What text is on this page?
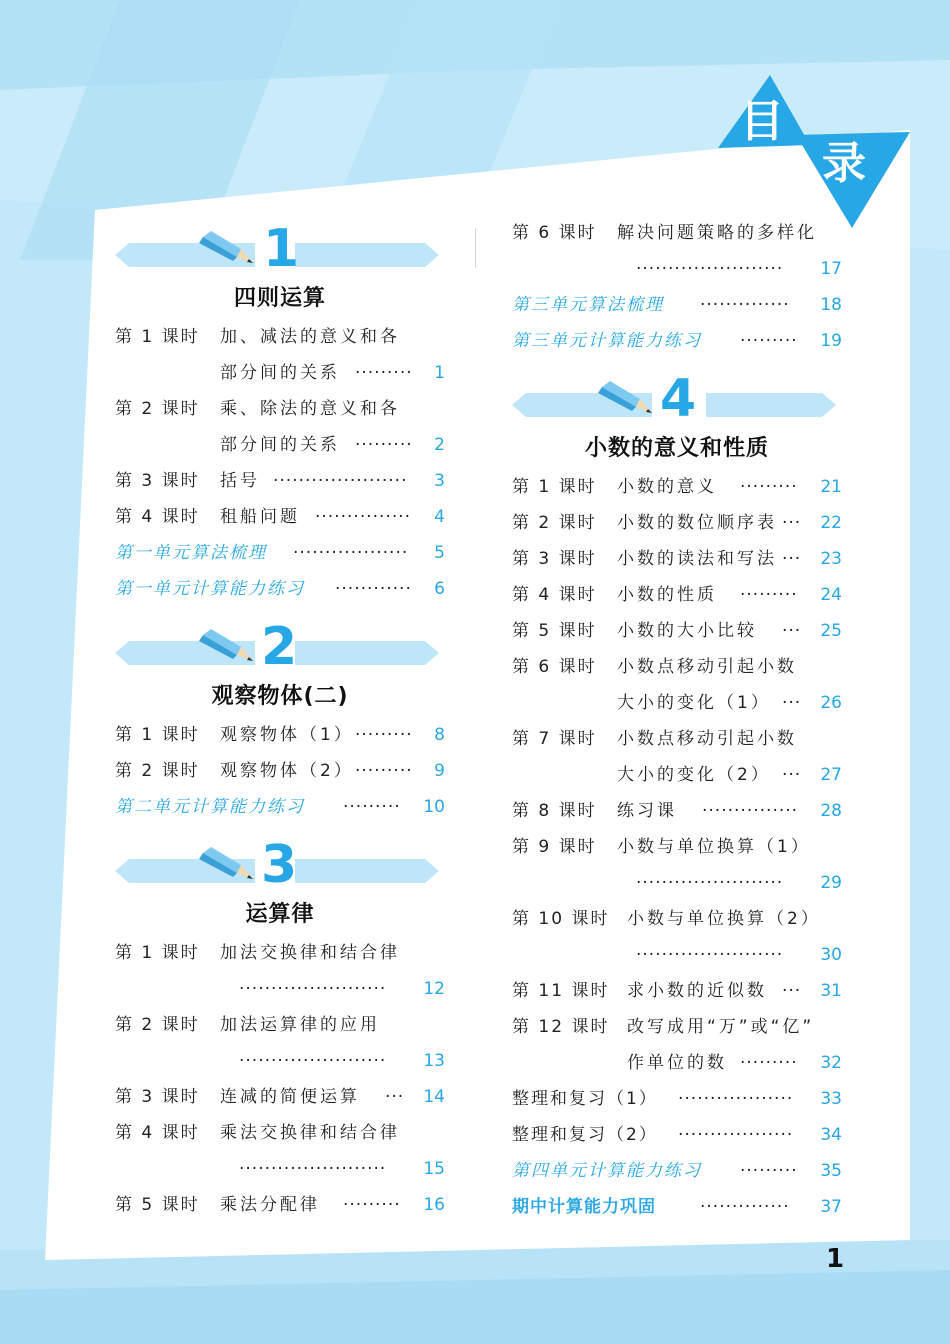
目
录
1
四则运算
第 1 课时 加、减法的意义和各
部分间的关系 ········· 1
第 2 课时 乘、除法的意义和各
部分间的关系 ········· 2
第 3 课时 括号 ····················· 3
第 4 课时 租船问题 ··············· 4
第一单元算法梳理 ·················· 5
第一单元计算能力练习 ············ 6
2
观察物体(二)
第 1 课时 观察物体（1） ········· 8
第 2 课时 观察物体（2） ········· 9
第二单元计算能力练习 ········· 10
3
运算律
第 1 课时 加法交换律和结合律
······················· 12
第 2 课时 加法运算律的应用
······················· 13
第 3 课时 连减的简便运算 ··· 14
第 4 课时 乘法交换律和结合律
······················· 15
第 5 课时 乘法分配律 ········· 16
第 6 课时 解决问题策略的多样化
······················· 17
第三单元算法梳理 ·············· 18
第三单元计算能力练习 ········· 19
4
小数的意义和性质
第 1 课时 小数的意义 ········· 21
第 2 课时 小数的数位顺序表 ··· 22
第 3 课时 小数的读法和写法 ··· 23
第 4 课时 小数的性质 ········· 24
第 5 课时 小数的大小比较 ··· 25
第 6 课时 小数点移动引起小数
大小的变化（1） ··· 26
第 7 课时 小数点移动引起小数
大小的变化（2） ··· 27
第 8 课时 练习课 ··············· 28
第 9 课时 小数与单位换算（1）
······················· 29
第 10 课时 小数与单位换算（2）
······················· 30
第 11 课时 求小数的近似数 ··· 31
第 12 课时 改写成用“万”或“亿”
作单位的数 ········· 32
整理和复习（1） ·················· 33
整理和复习（2） ·················· 34
第四单元计算能力练习 ········· 35
期中计算能力巩固	·············· 37
1
